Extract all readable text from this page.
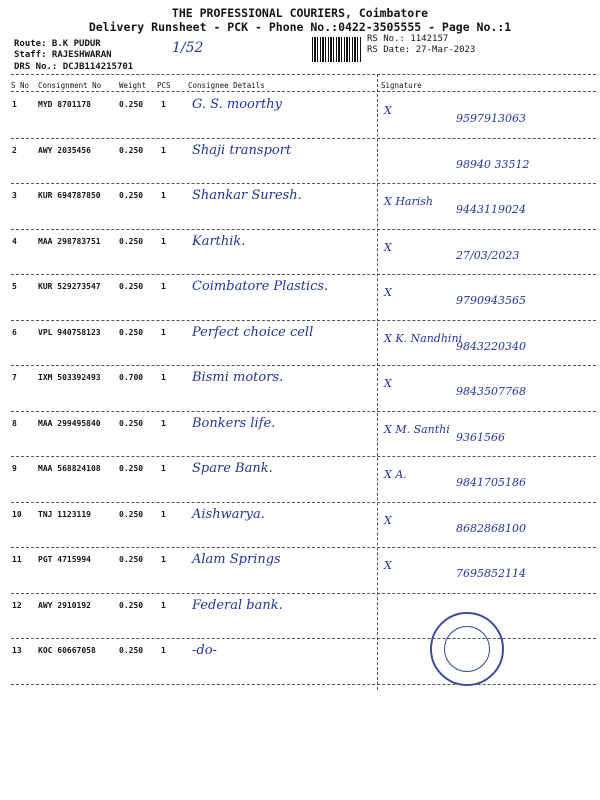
THE PROFESSIONAL COURIERS, Coimbatore
Delivery Runsheet - PCK - Phone No.:0422-3505555 - Page No.:1
Route: B.K PUDUR
Staff: RAJESHWARAN
DRS No.: DCJB114215701
1/52
RS No.: 1142157
RS Date: 27-Mar-2023
S No Consignment No Weight PCS Consignee Details	Signature
1	MYD 8701178	0.250 1 G. S. moorthy	X
9597913063
2	AWY 2035456	0.250 1 Shaji transport
98940 33512
3	KUR 694787850 0.250 1 Shankar Suresh.	X Harish
9443119024
4	MAA 298783751 0.250 1 Karthik.	X
27/03/2023
5	KUR 529273547 0.250 1 Coimbatore Plastics.	X
9790943565
6	VPL 940758123 0.250 1 Perfect choice cell	X K. Nandhini
9843220340
7	IXM 503392493 0.700 1 Bismi motors.	X
9843507768
8	MAA 299495840 0.250 1 Bonkers life.	X M. Santhi
9361566
9	MAA 568824108 0.250 1 Spare Bank.	X A.
9841705186
10 TNJ 1123119	0.250 1 Aishwarya.	X
8682868100
11 PGT 4715994	0.250 1 Alam Springs	X
7695852114
12 AWY 2910192	0.250 1 Federal bank.
13 KOC 60667058	0.250 1 -do-
